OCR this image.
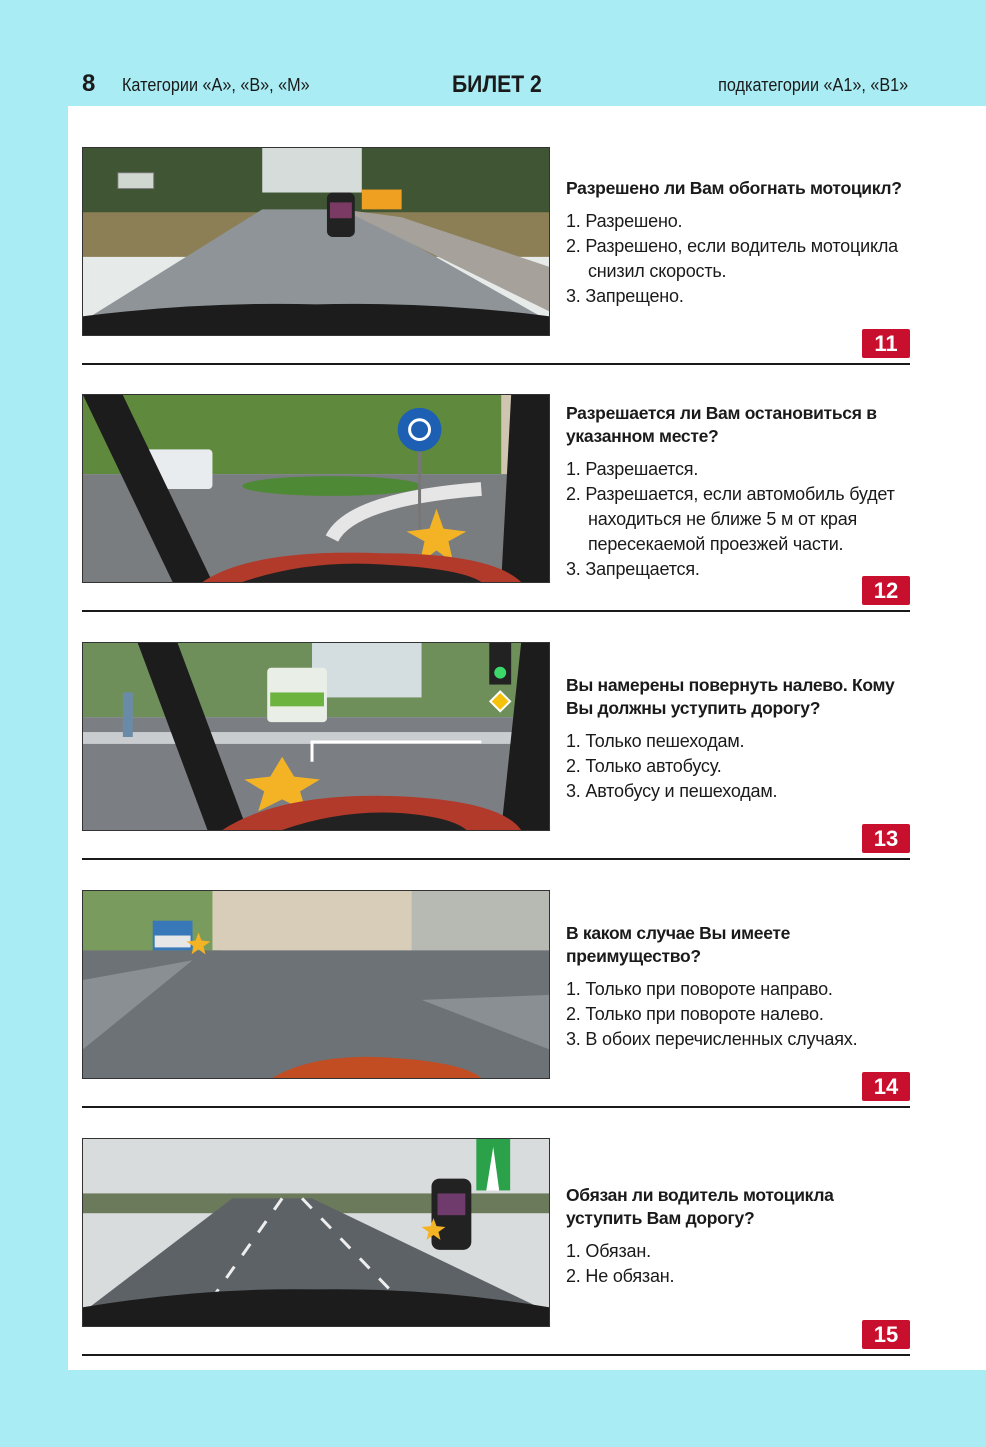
8 Категории «А», «В», «М»	БИЛЕТ 2	подкатегории «А1», «В1»

Разрешено ли Вам обогнать мотоцикл?

1. Разрешено.
2. Разрешено, если водитель мотоцикла снизил скорость.
3. Запрещено.
11

Разрешается ли Вам остановиться в указанном месте?

1. Разрешается.
2. Разрешается, если автомобиль будет находиться не ближе 5 м от края пересекаемой проезжей части.
3. Запрещается.
12

Вы намерены повернуть налево. Кому Вы должны уступить дорогу?

1. Только пешеходам.
2. Только автобусу.
3. Автобусу и пешеходам.
13

В каком случае Вы имеете преимущество?

1. Только при повороте направо.
2. Только при повороте налево.
3. В обоих перечисленных случаях.
14

Обязан ли водитель мотоцикла уступить Вам дорогу?

1. Обязан.
2. Не обязан.
15
